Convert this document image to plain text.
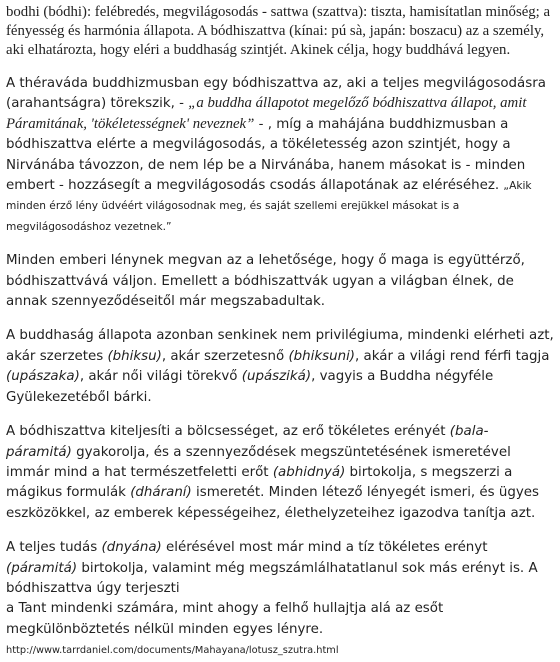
bodhi (bódhi): felébredés, megvilágosodás - sattwa (szattva): tiszta, hamisítatlan minőség; a fényesség és harmónia állapota. A bódhiszattva (kínai: pú sà, japán: boszacu) az a személy, aki elhatározta, hogy eléri a buddhaság szintjét. Akinek célja, hogy buddhává legyen.

A théraváda buddhizmusban egy bódhiszattva az, aki a teljes megvilágosodásra (arahantságra) törekszik, - „a buddha állapotot megelőző bódhiszattva állapot, amit Páramitának, 'tökéletességnek' neveznek” - , míg a mahájána buddhizmusban a bódhiszattva elérte a megvilágosodás, a tökéletesség azon szintjét, hogy a Nirvánába távozzon, de nem lép be a Nirvánába, hanem másokat is - minden embert - hozzásegít a megvilágosodás csodás állapotának az eléréséhez. „Akik minden érző lény üdvéért világosodnak meg, és saját szellemi erejükkel másokat is a megvilágosodáshoz vezetnek.”

Minden emberi lénynek megvan az a lehetősége, hogy ő maga is együttérző, bódhiszattvává váljon. Emellett a bódhiszattvák ugyan a világban élnek, de annak szennyeződéseitől már megszabadultak.

A buddhaság állapota azonban senkinek nem privilégiuma, mindenki elérheti azt, akár szerzetes (bhiksu), akár szerzetesnő (bhiksuni), akár a világi rend férfi tagja (upászaka), akár női világi törekvő (upásziká), vagyis a Buddha négyféle Gyülekezetéből bárki.

A bódhiszattva kiteljesíti a bölcsességet, az erő tökéletes erényét (bala-páramitá) gyakorolja, és a szennyeződések megszüntetésének ismeretével immár mind a hat természetfeletti erőt (abhidnyá) birtokolja, s megszerzi a mágikus formulák (dháraní) ismeretét. Minden létező lényegét ismeri, és ügyes eszközökkel, az emberek képességeihez, élethelyzeteihez igazodva tanítja azt.

A teljes tudás (dnyána) elérésével most már mind a tíz tökéletes erényt (páramitá) birtokolja, valamint még megszámlálhatatlanul sok más erényt is. A bódhiszattva úgy terjeszti
a Tant mindenki számára, mint ahogy a felhő hullajtja alá az esőt megkülönböztetés nélkül minden egyes lényre. http://www.tarrdaniel.com/documents/Mahayana/lotusz_szutra.html
